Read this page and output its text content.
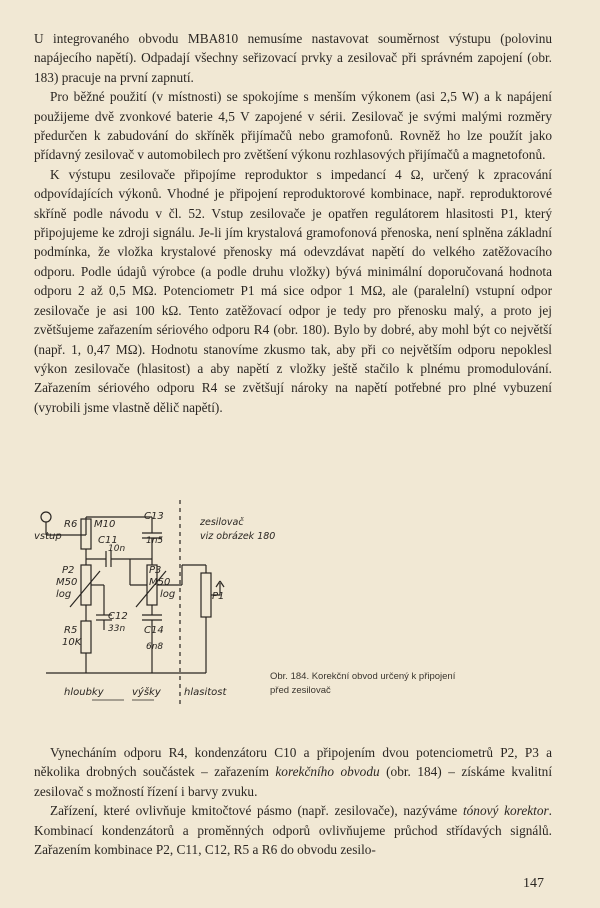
U integrovaného obvodu MBA810 nemusíme nastavovat souměrnost výstupu (polovinu napájecího napětí). Odpadají všechny seřizovací prvky a zesilovač při správném zapojení (obr. 183) pracuje na první zapnutí.

Pro běžné použití (v místnosti) se spokojíme s menším výkonem (asi 2,5 W) a k napájení použijeme dvě zvonkové baterie 4,5 V zapojené v sérii. Zesilovač je svými malými rozměry předurčen k zabudování do skříněk přijímačů nebo gramofonů. Rovněž ho lze použít jako přídavný zesilovač v automobilech pro zvětšení výkonu rozhlasových přijímačů a magnetofonů.

K výstupu zesilovače připojíme reproduktor s impedancí 4 Ω, určený k zpracování odpovídajících výkonů. Vhodné je připojení reproduktorové kombinace, např. reproduktorové skříně podle návodu v čl. 52. Vstup zesilovače je opatřen regulátorem hlasitosti P1, který připojujeme ke zdroji signálu. Je-li jím krystalová gramofonová přenoska, není splněna základní podmínka, že vložka krystalové přenosky má odevzdávat napětí do velkého zatěžovacího odporu. Podle údajů výrobce (a podle druhu vložky) bývá minimální doporučovaná hodnota odporu 2 až 0,5 MΩ. Potenciometr P1 má sice odpor 1 MΩ, ale (paralelní) vstupní odpor zesilovače je asi 100 kΩ. Tento zatěžovací odpor je tedy pro přenosku malý, a proto jej zvětšujeme zařazením sériového odporu R4 (obr. 180). Bylo by dobré, aby mohl být co největší (např. 1, 0,47 MΩ). Hodnotu stanovíme zkusmo tak, aby při co největším odporu nepoklesl výkon zesilovače (hlasitost) a aby napětí z vložky ještě stačilo k plnému promodulování. Zařazením sériového odporu R4 se zvětšují nároky na napětí potřebné pro plné vybuzení (vyrobili jsme vlastně dělič napětí).

vstup
R6 M10
C11
10n
C13
1n5
P2
M50
log
P3
M50
log
C12
33n
R5
10K
C14
6n8
P1
zesilovač
viz obrázek 180
hloubky	výšky hlasitost
Obr. 184. Korekční obvod určený k připojení
před zesilovač

Vynecháním odporu R4, kondenzátoru C10 a připojením dvou potenciometrů P2, P3 a několika drobných součástek – zařazením korekčního obvodu (obr. 184) – získáme kvalitní zesilovač s možností řízení i barvy zvuku.

Zařízení, které ovlivňuje kmitočtové pásmo (např. zesilovače), nazýváme tónový korektor. Kombinací kondenzátorů a proměnných odporů ovlivňujeme průchod střídavých signálů. Zařazením kombinace P2, C11, C12, R5 a R6 do obvodu zesilo-

147
